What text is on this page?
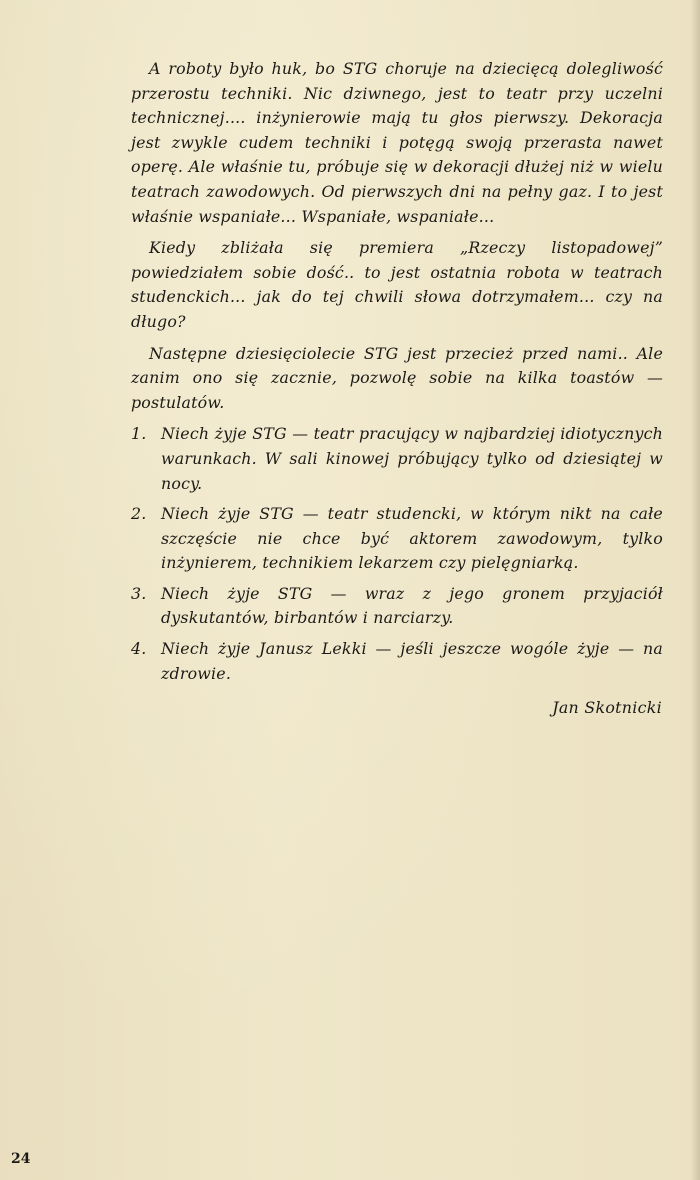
A roboty było huk, bo STG choruje na dziecięcą dolegliwość przerostu techniki. Nic dziwnego, jest to teatr przy uczelni technicznej.... inżynierowie mają tu głos pierwszy. Dekoracja jest zwykle cudem techniki i potęgą swoją przerasta nawet operę. Ale właśnie tu, próbuje się w dekoracji dłużej niż w wielu teatrach zawodowych. Od pierwszych dni na pełny gaz. I to jest właśnie wspaniałe... Wspaniałe, wspaniałe...

Kiedy zbliżała się premiera „Rzeczy listopadowej” powiedziałem sobie dość.. to jest ostatnia robota w teatrach studenckich... jak do tej chwili słowa dotrzymałem... czy na długo?

Następne dziesięciolecie STG jest przecież przed nami.. Ale zanim ono się zacznie, pozwolę sobie na kilka toastów — postulatów.

1. Niech żyje STG — teatr pracujący w najbardziej idiotycznych warunkach. W sali kinowej próbujący tylko od dziesiątej w nocy.
2. Niech żyje STG — teatr studencki, w którym nikt na całe szczęście nie chce być aktorem zawodowym, tylko inżynierem, technikiem lekarzem czy pielęgniarką.
3. Niech żyje STG — wraz z jego gronem przyjaciół dyskutantów, birbantów i narciarzy.
4. Niech żyje Janusz Lekki — jeśli jeszcze wogóle żyje — na zdrowie.
Jan Skotnicki
24
